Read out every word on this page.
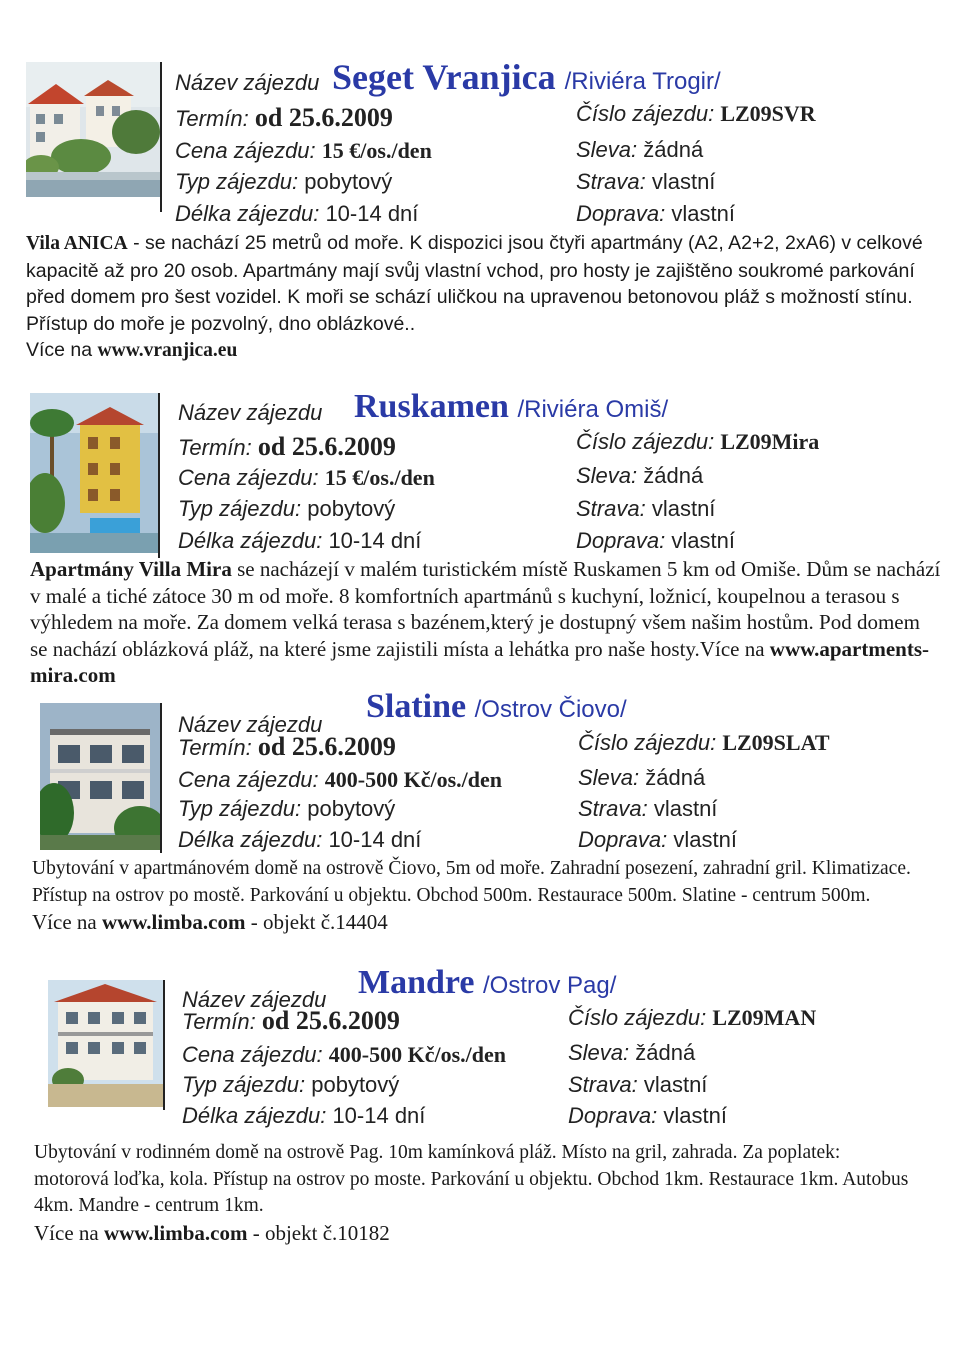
Název zájezdu Seget Vranjica /Riviéra Trogir/
Termín: od 25.6.2009
Cena zájezdu: 15 €/os./den
Typ zájezdu: pobytový
Délka zájezdu: 10-14 dní
Číslo zájezdu: LZ09SVR
Sleva: žádná
Strava: vlastní
Doprava: vlastní
Vila ANICA - se nachází 25 metrů od moře. K dispozici jsou čtyři apartmány (A2, A2+2, 2xA6) v celkové kapacitě až pro 20 osob. Apartmány mají svůj vlastní vchod, pro hosty je zajištěno soukromé parkování před domem pro šest vozidel. K moři se schází uličkou na upravenou betonovou pláž s možností stínu. Přístup do moře je pozvolný, dno oblázkové..
Více na www.vranjica.eu
Název zájezdu Ruskamen /Riviéra Omiš/
Termín: od 25.6.2009
Cena zájezdu: 15 €/os./den
Typ zájezdu: pobytový
Délka zájezdu: 10-14 dní
Číslo zájezdu: LZ09Mira
Sleva: žádná
Strava: vlastní
Doprava: vlastní
Apartmány Villa Mira se nacházejí v malém turistickém místě Ruskamen 5 km od Omiše. Dům se nachází v malé a tiché zátoce 30 m od moře. 8 komfortních apartmánů s kuchyní, ložnicí, koupelnou a terasou s výhledem na moře. Za domem velká terasa s bazénem,který je dostupný všem našim hostům. Pod domem se nachází oblázková pláž, na které jsme zajistili místa a lehátka pro naše hosty.Více na www.apartments-mira.com
Název zájezdu Slatine /Ostrov Čiovo/
Termín: od 25.6.2009
Cena zájezdu: 400-500 Kč/os./den
Typ zájezdu: pobytový
Délka zájezdu: 10-14 dní
Číslo zájezdu: LZ09SLAT
Sleva: žádná
Strava: vlastní
Doprava: vlastní
Ubytování v apartmánovém domě na ostrově Čiovo, 5m od moře. Zahradní posezení, zahradní gril. Klimatizace. Přístup na ostrov po mostě. Parkování u objektu. Obchod 500m. Restaurace 500m. Slatine - centrum 500m.
Více na www.limba.com - objekt č.14404
Název zájezdu Mandre /Ostrov Pag/
Termín: od 25.6.2009
Cena zájezdu: 400-500 Kč/os./den
Typ zájezdu: pobytový
Délka zájezdu: 10-14 dní
Číslo zájezdu: LZ09MAN
Sleva: žádná
Strava: vlastní
Doprava: vlastní
Ubytování v rodinném domě na ostrově Pag. 10m kamínková pláž. Místo na gril, zahrada. Za poplatek: motorová loďka, kola. Přístup na ostrov po moste. Parkování u objektu. Obchod 1km. Restaurace 1km. Autobus 4km. Mandre - centrum 1km.
Více na www.limba.com - objekt č.10182
